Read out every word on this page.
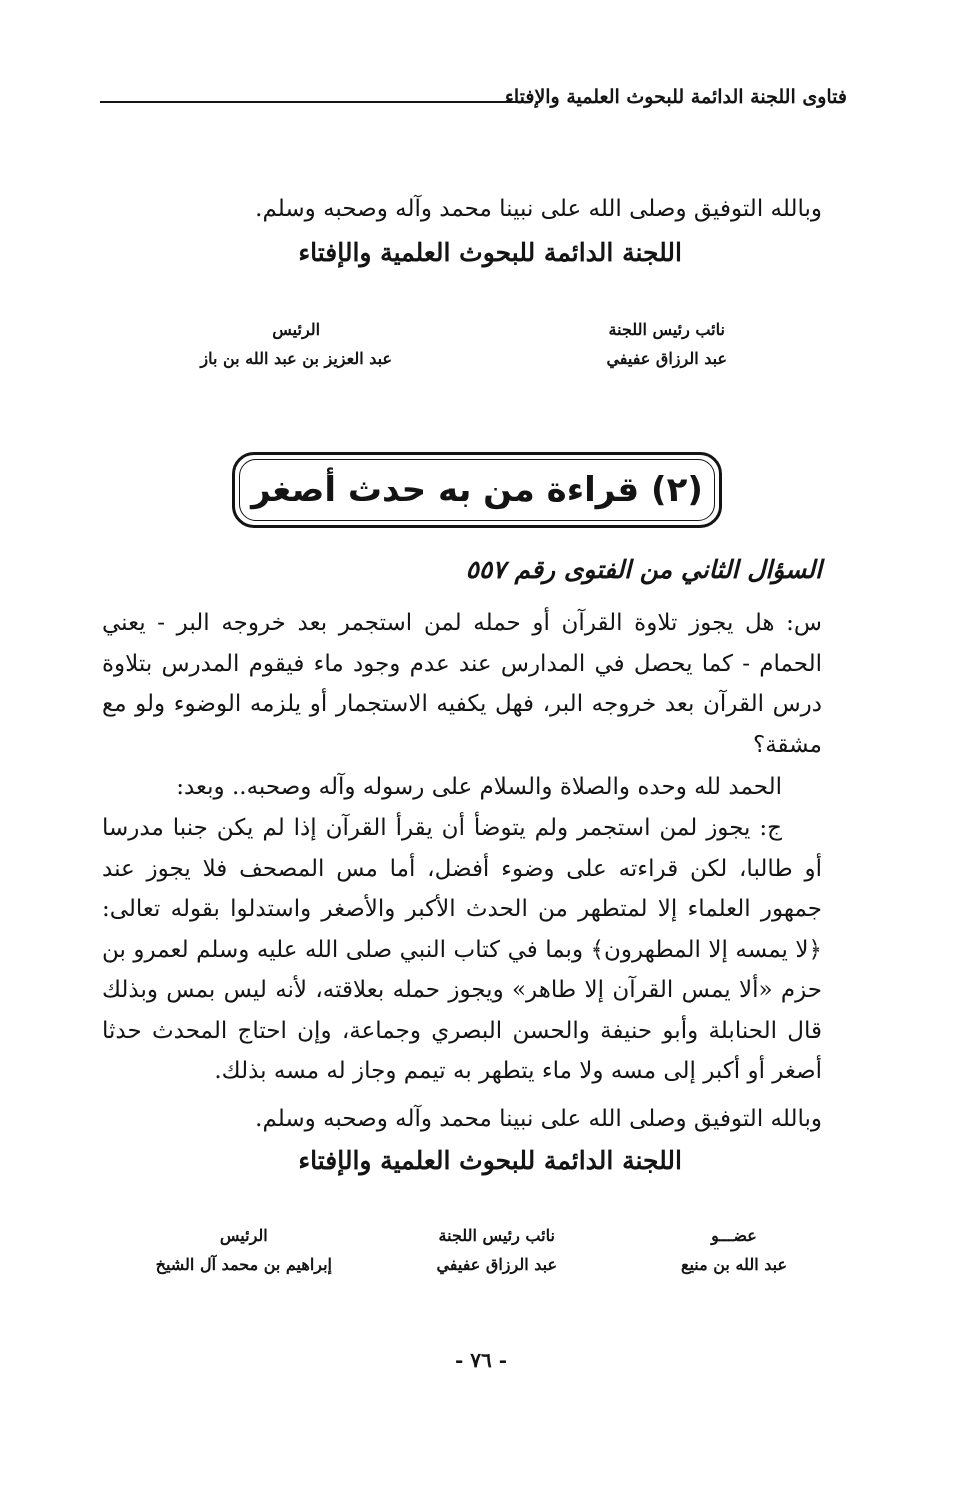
فتاوى اللجنة الدائمة للبحوث العلمية والإفتاء
وبالله التوفيق وصلى الله على نبينا محمد وآله وصحبه وسلم.
اللجنة الدائمة للبحوث العلمية والإفتاء
نائب رئيس اللجنة
عبد الرزاق عفيفي
الرئيس
عبد العزيز بن عبد الله بن باز
(٢) قراءة من به حدث أصغر
السؤال الثاني من الفتوى رقم ٥٥٧

س: هل يجوز تلاوة القرآن أو حمله لمن استجمر بعد خروجه البر - يعني الحمام - كما يحصل في المدارس عند عدم وجود ماء فيقوم المدرس بتلاوة درس القرآن بعد خروجه البر، فهل يكفيه الاستجمار أو يلزمه الوضوء ولو مع مشقة؟

الحمد لله وحده والصلاة والسلام على رسوله وآله وصحبه.. وبعد:

ج: يجوز لمن استجمر ولم يتوضأ أن يقرأ القرآن إذا لم يكن جنبا مدرسا أو طالبا، لكن قراءته على وضوء أفضل، أما مس المصحف فلا يجوز عند جمهور العلماء إلا لمتطهر من الحدث الأكبر والأصغر واستدلوا بقوله تعالى: ﴿لا يمسه إلا المطهرون﴾ وبما في كتاب النبي صلى الله عليه وسلم لعمرو بن حزم «ألا يمس القرآن إلا طاهر» ويجوز حمله بعلاقته، لأنه ليس بمس وبذلك قال الحنابلة وأبو حنيفة والحسن البصري وجماعة، وإن احتاج المحدث حدثا أصغر أو أكبر إلى مسه ولا ماء يتطهر به تيمم وجاز له مسه بذلك.

وبالله التوفيق وصلى الله على نبينا محمد وآله وصحبه وسلم.
اللجنة الدائمة للبحوث العلمية والإفتاء
عضـــو
عبد الله بن منيع
نائب رئيس اللجنة
عبد الرزاق عفيفي
الرئيس
إبراهيم بن محمد آل الشيخ
- ٧٦ -
